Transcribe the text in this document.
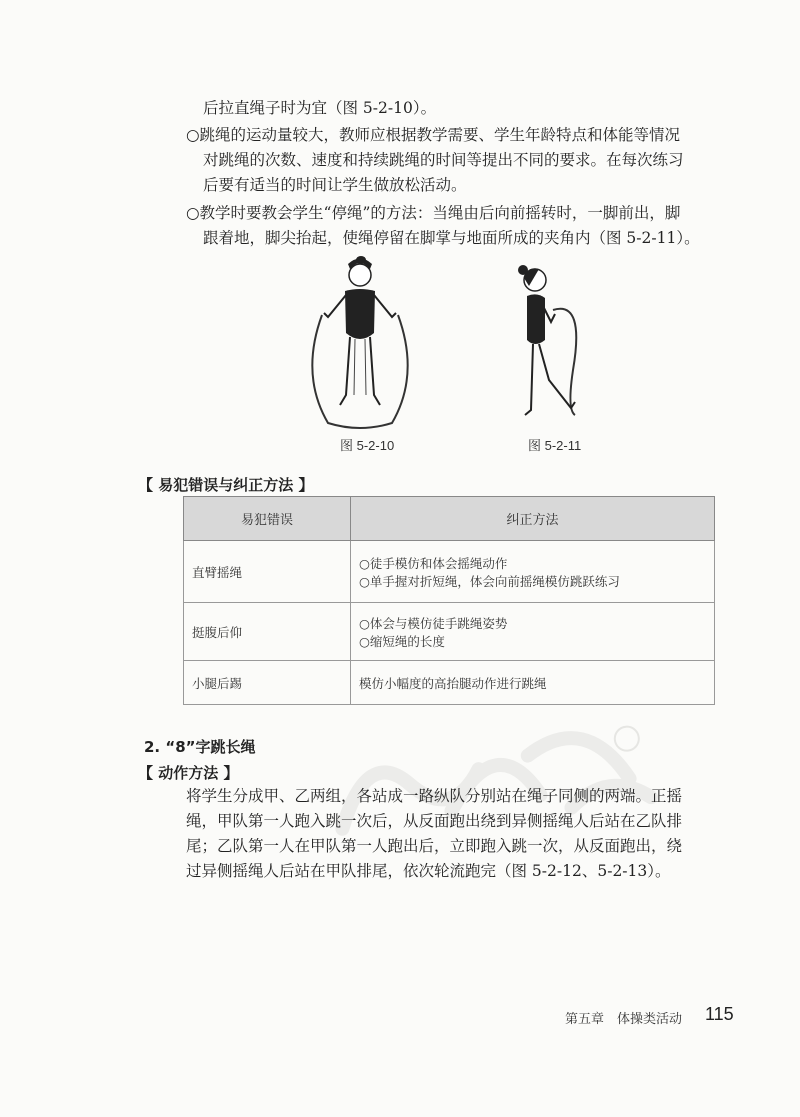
后拉直绳子时为宜（图 5-2-10）。

○跳绳的运动量较大，教师应根据教学需要、学生年龄特点和体能等情况
对跳绳的次数、速度和持续跳绳的时间等提出不同的要求。在每次练习
后要有适当的时间让学生做放松活动。
○教学时要教会学生“停绳”的方法：当绳由后向前摇转时，一脚前出，脚
跟着地，脚尖抬起，使绳停留在脚掌与地面所成的夹角内（图 5-2-11）。
图 5-2-10	图 5-2-11
【 易犯错误与纠正方法 】
易犯错误	纠正方法
直臂摇绳	○徒手模仿和体会摇绳动作
○单手握对折短绳，体会向前摇绳模仿跳跃练习

挺腹后仰	○体会与模仿徒手跳绳姿势
○缩短绳的长度

小腿后踢	模仿小幅度的高抬腿动作进行跳绳
2. “8”字跳长绳
【 动作方法 】
将学生分成甲、乙两组，各站成一路纵队分别站在绳子同侧的两端。正摇
绳，甲队第一人跑入跳一次后，从反面跑出绕到异侧摇绳人后站在乙队排
尾；乙队第一人在甲队第一人跑出后，立即跑入跳一次，从反面跑出，绕
过异侧摇绳人后站在甲队排尾，依次轮流跑完（图 5-2-12、5-2-13）。
第五章　体操类活动 115
